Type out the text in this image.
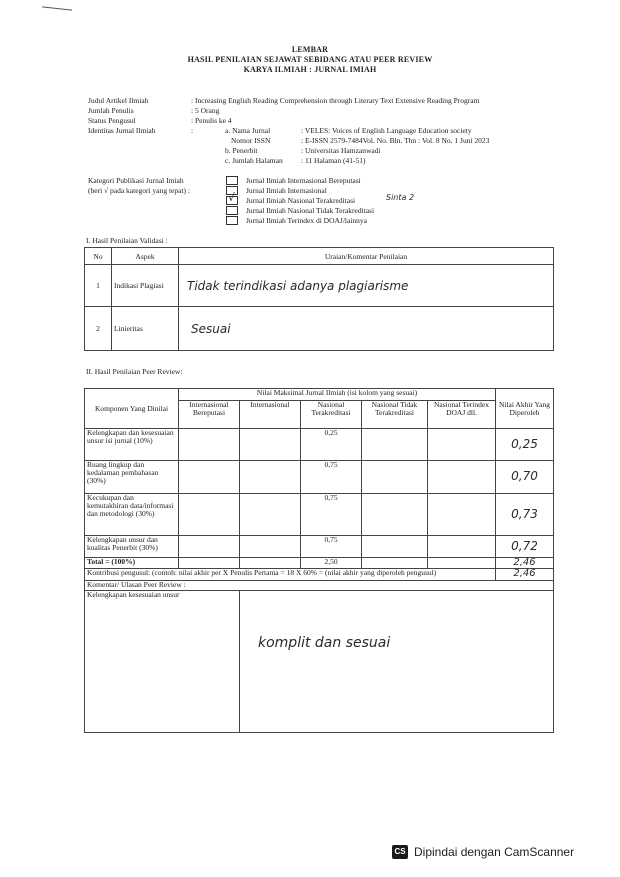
LEMBAR
HASIL PENILAIAN SEJAWAT SEBIDANG ATAU PEER REVIEW
KARYA ILMIAH : JURNAL IMIAH
Judul Artikel Ilmiah	: Increasing English Reading Comprehension through Literary Text Extensive Reading Program
Jumlah Penulis	: 5 Orang
Status Pengusul	: Penulis ke 4
Identitas Jurnal Ilmiah	:	a. Nama Jurnal	: VELES: Voices of English Language Education society
Nomor ISSN	: E-ISSN 2579-7484Vol. No. Bln. Thn : Vol. 8 No. 1 Juni 2023
b. Penerbit	: Universitas Hamzanwadi
c. Jumlah Halaman : 11 Halaman (41-51)
Kategori Publikasi Jurnal Imiah
(beri √ pada kategori yang tepat) :
Jurnal Ilmiah Internasional Bereputasi
Jurnal Ilmiah Internasional
√ Jurnal Ilmiah Nasional Terakreditasi	Sinta 2
Jurnal Ilmiah Nasional Tidak Terakreditasi
Jurnal Ilmiah Terindex di DOAJ/lainnya
I. Hasil Penilaian Validasi :
No	Aspek	Uraian/Komentar Penilaian
1	Indikasi Plagiasi	Tidak terindikasi adanya plagiarisme
2	Linieritas	Sesuai
II. Hasil Penilaian Peer Review:
Komponen Yang Dinilai	Nilai Maksimal Jurnal Ilmiah (isi kolom yang sesuai)					Nilai Akhir Yang Diperoleh
	Internasional Bereputasi	Internasional	Nasional Terakreditasi	Nasional Tidak Terakreditasi	Nasional Terindex DOAJ dll.	
Kelengkapan dan kesesuaian unsur isi jurnal (10%)			0,25			0,25
Ruang lingkup dan kedalaman pembahasan (30%)			0,75			0,70
Kecukupan dan kemutakhiran data/informasi dan metodologi (30%)			0,75			0,73
Kelengkapan unsur dan kualitas Penerbit (30%)			0,75			0,72
Total = (100%)			2,50			2,46
Kontribusi pengusul: (contoh: nilai akhir per X Penulis Pertama = 18 X 60% = (nilai akhir yang diperoleh pengusul)						2,46
Komentar/ Ulasan Peer Review :						
Kelengkapan kesesuaian unsur		komplit dan sesuai				
CS Dipindai dengan CamScanner
